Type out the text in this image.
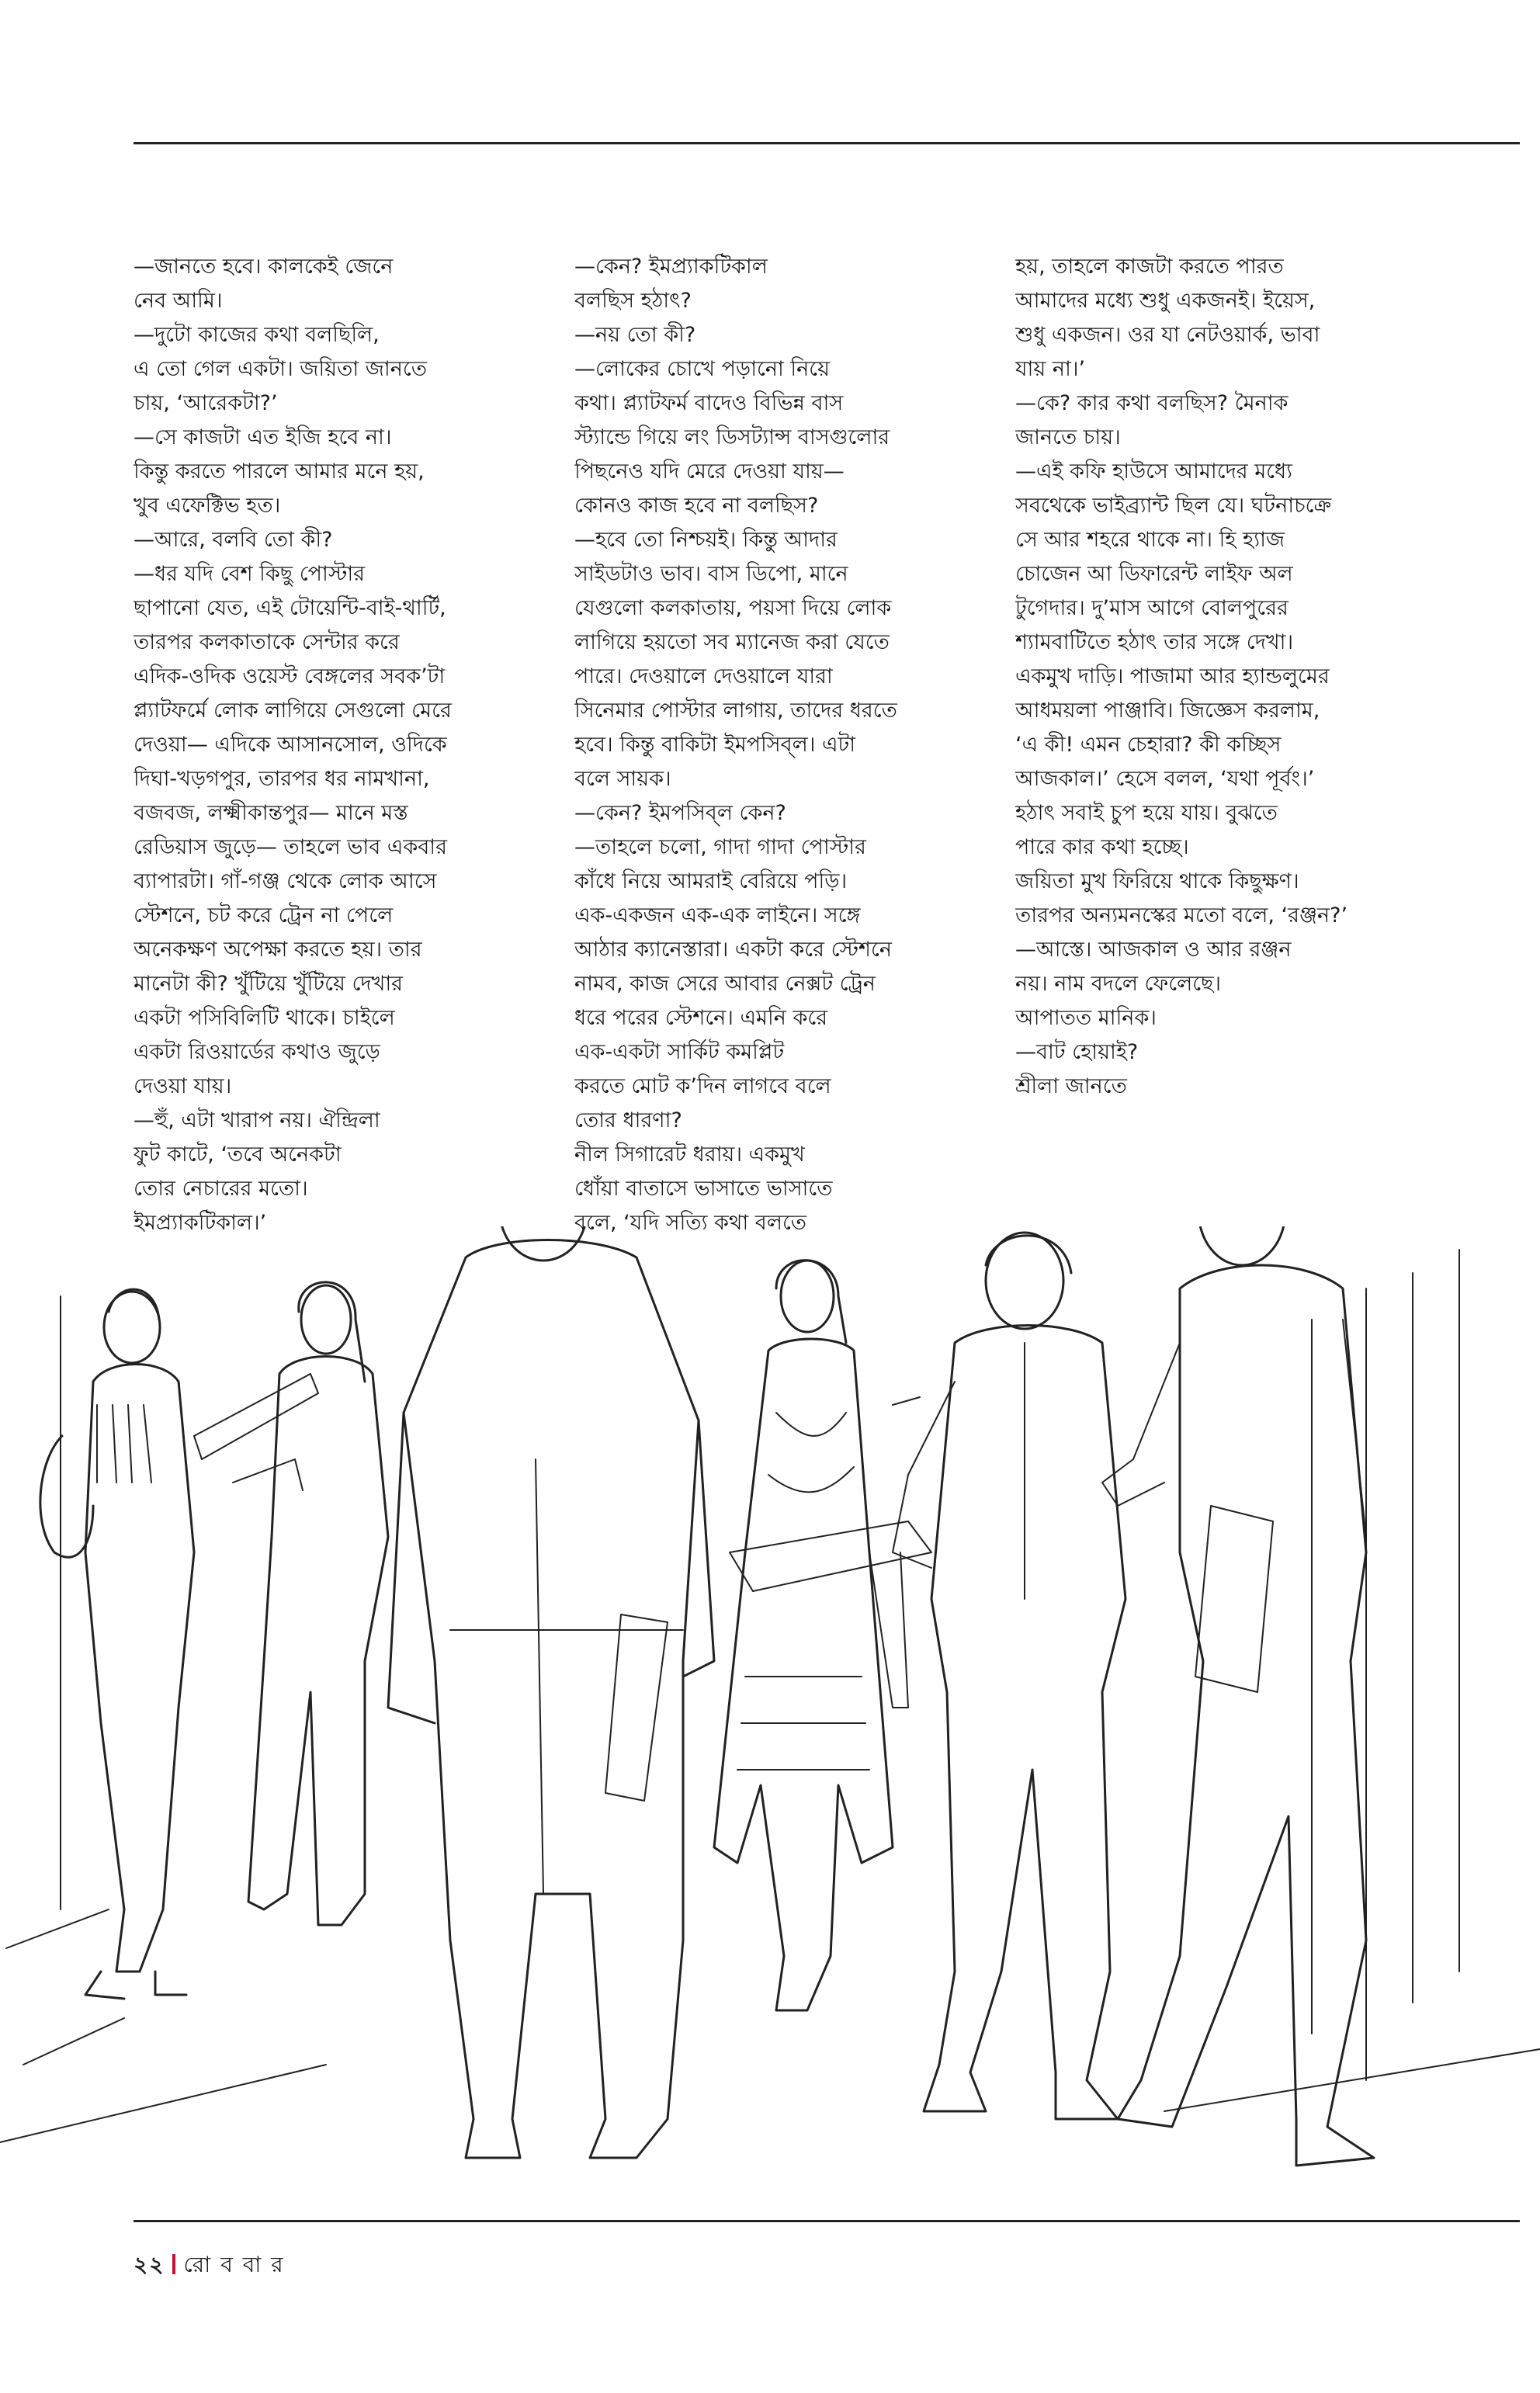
—জানতে হবে। কালকেই জেনে
নেব আমি।
—দুটো কাজের কথা বলছিলি,
এ তো গেল একটা। জয়িতা জানতে
চায়, ‘আরেকটা?’
—সে কাজটা এত ইজি হবে না।
কিন্তু করতে পারলে আমার মনে হয়,
খুব এফেক্টিভ হত।
—আরে, বলবি তো কী?
—ধর যদি বেশ কিছু পোস্টার
ছাপানো যেত, এই টোয়েন্টি-বাই-থার্টি,
তারপর কলকাতাকে সেন্টার করে
এদিক-ওদিক ওয়েস্ট বেঙ্গলের সবক’টা
প্ল্যাটফর্মে লোক লাগিয়ে সেগুলো মেরে
দেওয়া— এদিকে আসানসোল, ওদিকে
দিঘা-খড়গপুর, তারপর ধর নামখানা,
বজবজ, লক্ষ্মীকান্তপুর— মানে মস্ত
রেডিয়াস জুড়ে— তাহলে ভাব একবার
ব্যাপারটা। গাঁ-গঞ্জ থেকে লোক আসে
স্টেশনে, চট করে ট্রেন না পেলে
অনেকক্ষণ অপেক্ষা করতে হয়। তার
মানেটা কী? খুঁটিয়ে খুঁটিয়ে দেখার
একটা পসিবিলিটি থাকে। চাইলে
একটা রিওয়ার্ডের কথাও জুড়ে
দেওয়া যায়।
—হুঁ, এটা খারাপ নয়। ঐন্দ্রিলা
ফুট কাটে, ‘তবে অনেকটা
তোর নেচারের মতো।
ইমপ্র্যাকটিকাল।’
—কেন? ইমপ্র্যাকটিকাল
বলছিস হঠাৎ?
—নয় তো কী?
—লোকের চোখে পড়ানো নিয়ে
কথা। প্ল্যাটফর্ম বাদেও বিভিন্ন বাস
স্ট্যান্ডে গিয়ে লং ডিসট্যান্স বাসগুলোর
পিছনেও যদি মেরে দেওয়া যায়—
কোনও কাজ হবে না বলছিস?
—হবে তো নিশ্চয়ই। কিন্তু আদার
সাইডটাও ভাব। বাস ডিপো, মানে
যেগুলো কলকাতায়, পয়সা দিয়ে লোক
লাগিয়ে হয়তো সব ম্যানেজ করা যেতে
পারে। দেওয়ালে দেওয়ালে যারা
সিনেমার পোস্টার লাগায়, তাদের ধরতে
হবে। কিন্তু বাকিটা ইমপসিব্‌ল। এটা
বলে সায়ক।
—কেন? ইমপসিব্‌ল কেন?
—তাহলে চলো, গাদা গাদা পোস্টার
কাঁধে নিয়ে আমরাই বেরিয়ে পড়ি।
এক-একজন এক-এক লাইনে। সঙ্গে
আঠার ক্যানেস্তারা। একটা করে স্টেশনে
নামব, কাজ সেরে আবার নেক্সট ট্রেন
ধরে পরের স্টেশনে। এমনি করে
এক-একটা সার্কিট কমপ্লিট
করতে মোট ক’দিন লাগবে বলে
তোর ধারণা?
নীল সিগারেট ধরায়। একমুখ
ধোঁয়া বাতাসে ভাসাতে ভাসাতে
বলে, ‘যদি সত্যি কথা বলতে
হয়, তাহলে কাজটা করতে পারত
আমাদের মধ্যে শুধু একজনই। ইয়েস,
শুধু একজন। ওর যা নেটওয়ার্ক, ভাবা
যায় না।’
—কে? কার কথা বলছিস? মৈনাক
জানতে চায়।
—এই কফি হাউসে আমাদের মধ্যে
সবথেকে ভাইব্র্যান্ট ছিল যে। ঘটনাচক্রে
সে আর শহরে থাকে না। হি হ্যাজ
চোজেন আ ডিফারেন্ট লাইফ অল
টুগেদার। দু’মাস আগে বোলপুরের
শ্যামবাটিতে হঠাৎ তার সঙ্গে দেখা।
একমুখ দাড়ি। পাজামা আর হ্যান্ডলুমের
আধময়লা পাঞ্জাবি। জিজ্ঞেস করলাম,
‘এ কী! এমন চেহারা? কী কচ্ছিস
আজকাল।’ হেসে বলল, ‘যথা পূর্বং।’
হঠাৎ সবাই চুপ হয়ে যায়। বুঝতে
পারে কার কথা হচ্ছে।
জয়িতা মুখ ফিরিয়ে থাকে কিছুক্ষণ।
তারপর অন্যমনস্কের মতো বলে, ‘রঞ্জন?’
—আস্তে। আজকাল ও আর রঞ্জন
নয়। নাম বদলে ফেলেছে।
আপাতত মানিক।
—বাট হোয়াই?
শ্রীলা জানতে
২২ রো ব বা র
